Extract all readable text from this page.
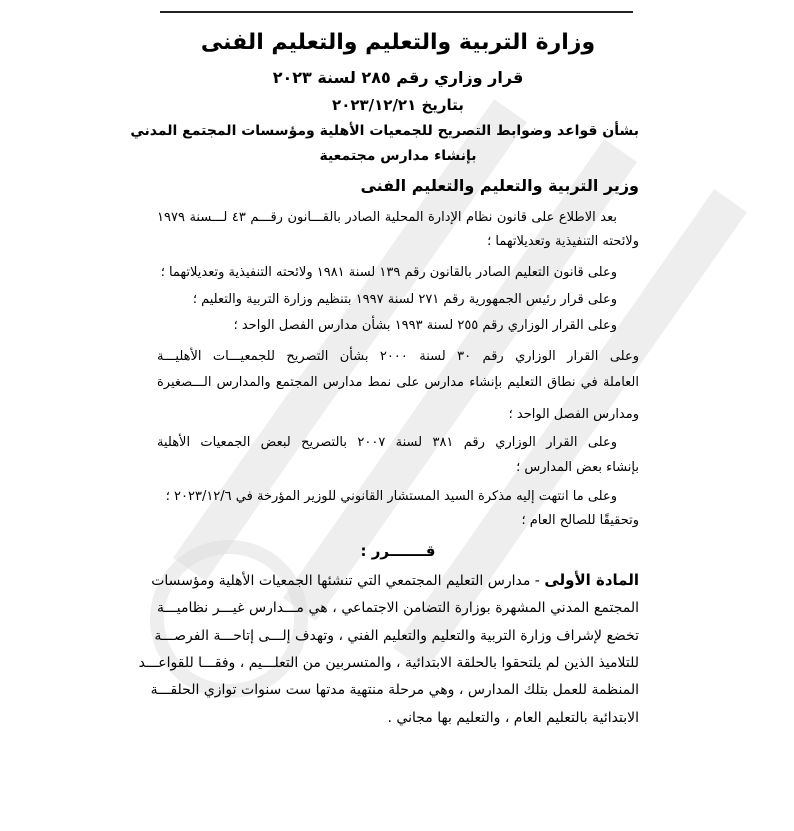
وزارة التربية والتعليم والتعليم الفنى
قرار وزاري رقم ٢٨٥ لسنة ٢٠٢٣
بتاريخ ٢٠٢٣/١٢/٢١
بشأن قواعد وضوابط التصريح للجمعيات الأهلية ومؤسسات المجتمع المدني
بإنشاء مدارس مجتمعية
وزير التربية والتعليم والتعليم الفنى
بعد الاطلاع على قانون نظام الإدارة المحلية الصادر بالقـــانون رقـــم ٤٣ لـــسنة ١٩٧٩
ولائحته التنفيذية وتعديلاتهما ؛
وعلى قانون التعليم الصادر بالقانون رقم ١٣٩ لسنة ١٩٨١ ولائحته التنفيذية وتعديلاتهما ؛
وعلى قرار رئيس الجمهورية رقم ٢٧١ لسنة ١٩٩٧ بتنظيم وزارة التربية والتعليم ؛
وعلى القرار الوزاري رقم ٢٥٥ لسنة ١٩٩٣ بشأن مدارس الفصل الواحد ؛
وعلى القرار الوزاري رقم ٣٠ لسنة ٢٠٠٠ بشأن التصريح للجمعيـــات الأهليـــة
العاملة في نطاق التعليم بإنشاء مدارس على نمط مدارس المجتمع والمدارس الـــصغيرة
ومدارس الفصل الواحد ؛
وعلى القرار الوزاري رقم ٣٨١ لسنة ٢٠٠٧ بالتصريح لبعض الجمعيات الأهلية
بإنشاء بعض المدارس ؛
وعلى ما انتهت إليه مذكرة السيد المستشار القانوني للوزير المؤرخة في ٢٠٢٣/١٢/٦ ؛
وتحقيقًا للصالح العام ؛
قـــــــرر :
المادة الأولى - مدارس التعليم المجتمعي التي تنشئها الجمعيات الأهلية ومؤسسات
المجتمع المدني المشهرة بوزارة التضامن الاجتماعي ، هي مـــدارس غيـــر نظاميـــة
تخضع لإشراف وزارة التربية والتعليم والتعليم الفني ، وتهدف إلـــى إتاحـــة الفرصـــة
للتلاميذ الذين لم يلتحقوا بالحلقة الابتدائية ، والمتسربين من التعلـــيم ، وفقـــا للقواعـــد
المنظمة للعمل بتلك المدارس ، وهي مرحلة منتهية مدتها ست سنوات توازي الحلقـــة
الابتدائية بالتعليم العام ، والتعليم بها مجاني .
